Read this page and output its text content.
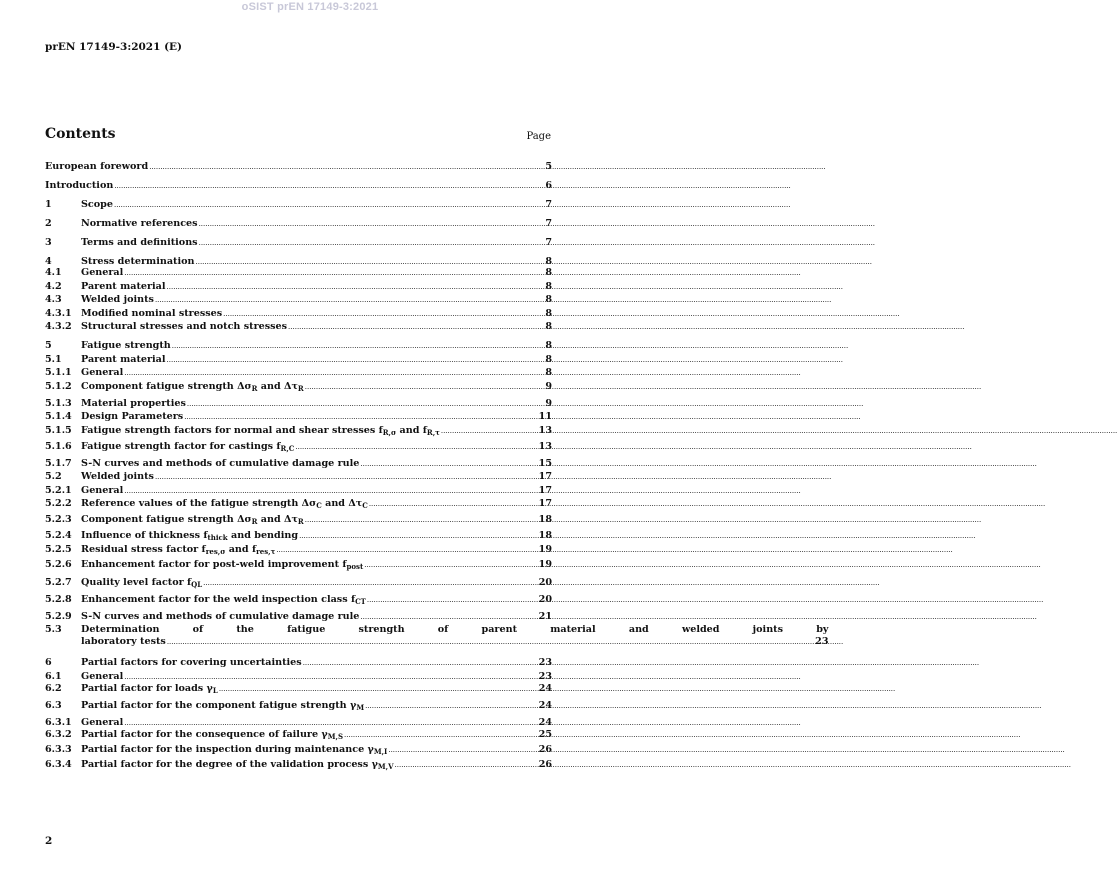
oSIST prEN 17149-3:2021
prEN 17149-3:2021 (E)
Contents	Page
European foreword .....	5
Introduction .....	6
1	Scope .....	7
2	Normative references .....	7
3	Terms and definitions .....	7
4	Stress determination .....	8
4.1	General .....	8
4.2	Parent material .....	8
4.3	Welded joints .....	8
4.3.1 Modified nominal stresses .....	8
4.3.2 Structural stresses and notch stresses .....	8
5	Fatigue strength .....	8
5.1	Parent material .....	8
5.1.1 General .....	8
5.1.2 Component fatigue strength $\Delta\sigma_R$ and $\Delta\tau_R$ .....	9
5.1.3 Material properties .....	9
5.1.4 Design Parameters .....	11
5.1.5 Fatigue strength factors for normal and shear stresses $f_{R,\sigma}$ and $f_{R,\tau}$ .....	13
5.1.6 Fatigue strength factor for castings $f_{R,C}$ .....	13
5.1.7 S-N curves and methods of cumulative damage rule .....	15
5.2	Welded joints .....	17
5.2.1 General .....	17
5.2.2 Reference values of the fatigue strength $\Delta\sigma_C$ and $\Delta\tau_C$ .....	17
5.2.3 Component fatigue strength $\Delta\sigma_R$ and $\Delta\tau_R$ .....	18
5.2.4 Influence of thickness $f_{thick}$ and bending .....	18
5.2.5 Residual stress factor $f_{res,\sigma}$ and $f_{res,\tau}$ .....	19
5.2.6 Enhancement factor for post-weld improvement $f_{post}$ .....	19
5.2.7 Quality level factor $f_{QL}$ .....	20
5.2.8 Enhancement factor for the weld inspection class $f_{CT}$ .....	20
5.2.9 S-N curves and methods of cumulative damage rule .....	21
5.3	Determination of the fatigue strength of parent material and welded joints by
laboratory tests .....	23
6	Partial factors for covering uncertainties .....	23
6.1	General .....	23
6.2	Partial factor for loads $\gamma_L$ .....	24
6.3	Partial factor for the component fatigue strength $\gamma_M$ .....	24
6.3.1 General .....	24
6.3.2 Partial factor for the consequence of failure $\gamma_{M,S}$ .....	25
6.3.3 Partial factor for the inspection during maintenance $\gamma_{M,I}$ .....	26
6.3.4 Partial factor for the degree of the validation process $\gamma_{M,V}$ .....	26
2
